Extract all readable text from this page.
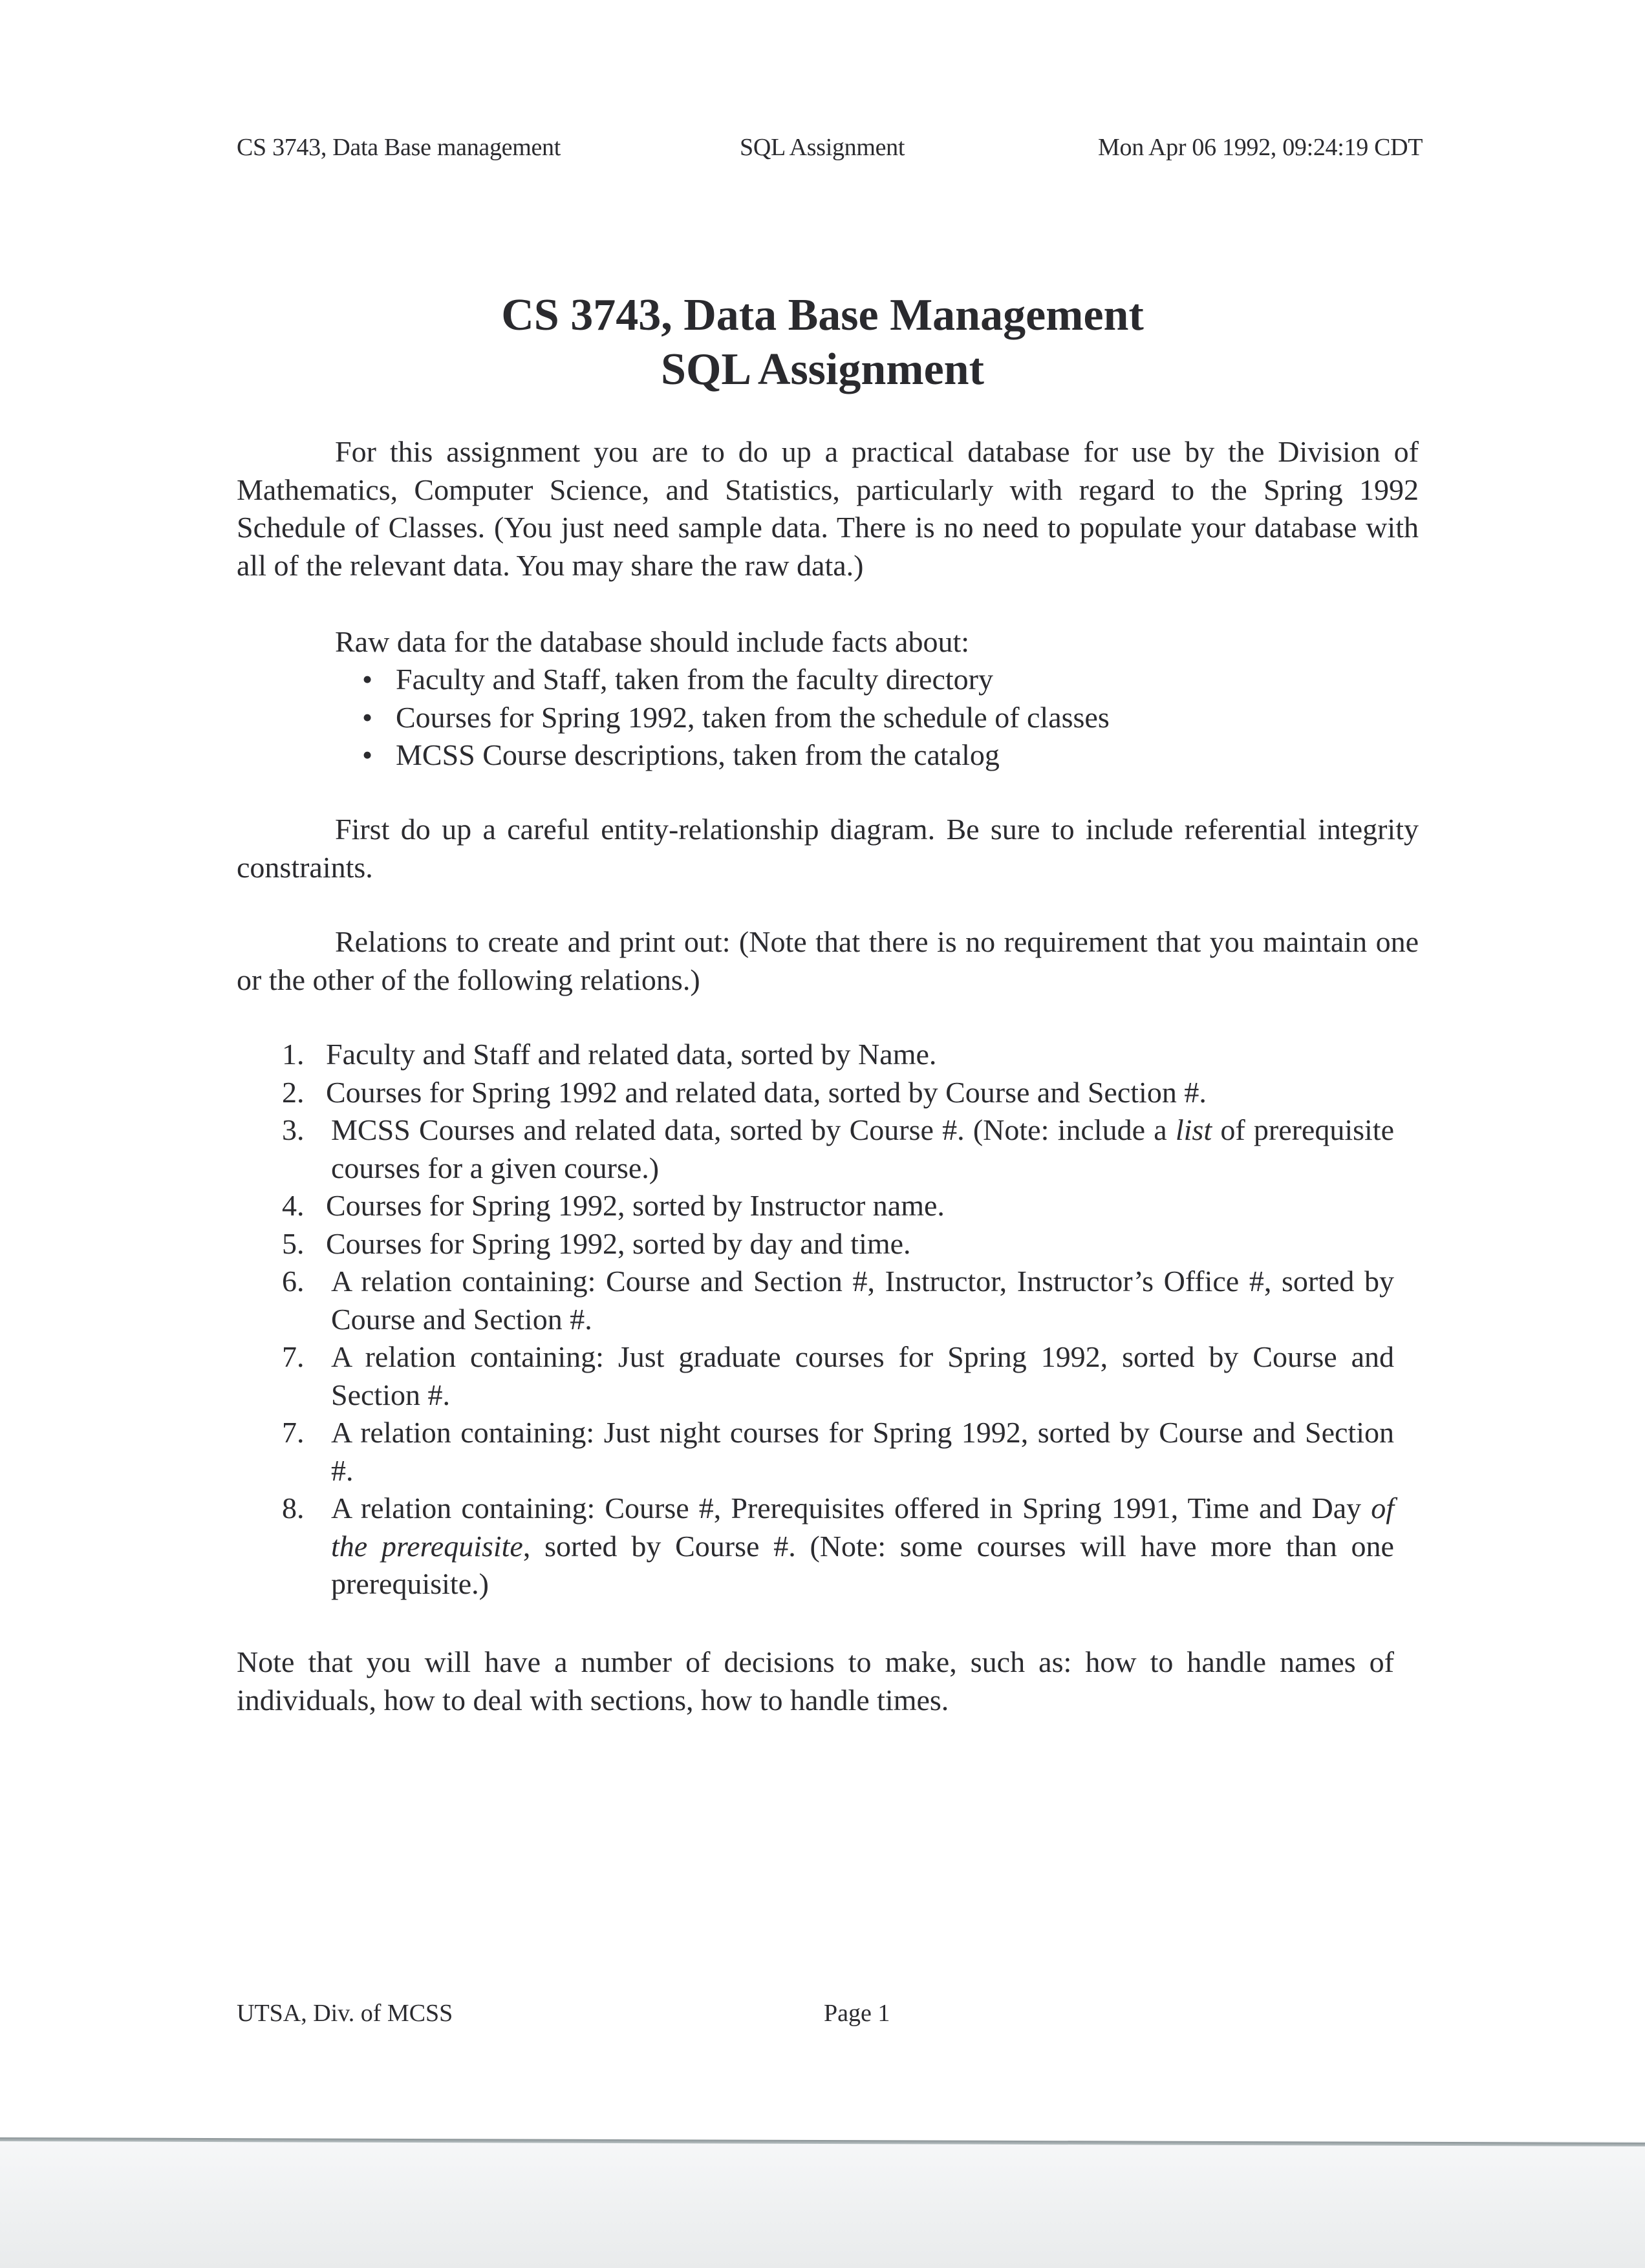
CS 3743, Data Base management	SQL Assignment	Mon Apr 06 1992, 09:24:19 CDT
CS 3743, Data Base Management
SQL Assignment

For this assignment you are to do up a practical database for use by the Division of Mathematics, Computer Science, and Statistics, particularly with regard to the Spring 1992 Schedule of Classes. (You just need sample data. There is no need to populate your database with all of the relevant data. You may share the raw data.)

Raw data for the database should include facts about:
• Faculty and Staff, taken from the faculty directory
• Courses for Spring 1992, taken from the schedule of classes
• MCSS Course descriptions, taken from the catalog

First do up a careful entity-relationship diagram. Be sure to include referential integrity constraints.

Relations to create and print out: (Note that there is no requirement that you maintain one or the other of the following relations.)

1. Faculty and Staff and related data, sorted by Name.
2. Courses for Spring 1992 and related data, sorted by Course and Section #.
3. MCSS Courses and related data, sorted by Course #. (Note: include a list of prerequisite courses for a given course.)
4. Courses for Spring 1992, sorted by Instructor name.
5. Courses for Spring 1992, sorted by day and time.
6. A relation containing: Course and Section #, Instructor, Instructor’s Office #, sorted by Course and Section #.
7. A relation containing: Just graduate courses for Spring 1992, sorted by Course and Section #.
7. A relation containing: Just night courses for Spring 1992, sorted by Course and Section #.
8. A relation containing: Course #, Prerequisites offered in Spring 1991, Time and Day of the prerequisite, sorted by Course #. (Note: some courses will have more than one prerequisite.)

Note that you will have a number of decisions to make, such as: how to handle names of individuals, how to deal with sections, how to handle times.

UTSA, Div. of MCSS	Page 1
